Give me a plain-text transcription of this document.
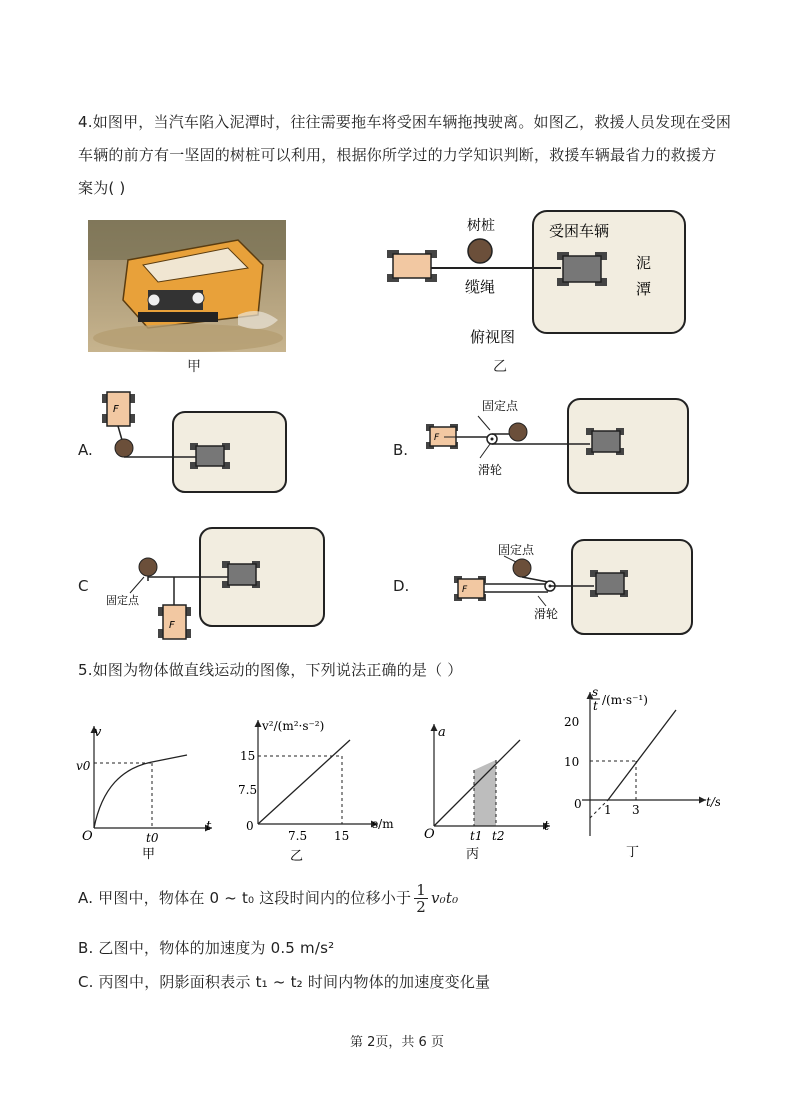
4.如图甲，当汽车陷入泥潭时，往往需要拖车将受困车辆拖拽驶离。如图乙，救援人员发现在受困
车辆的前方有一坚固的树桩可以利用，根据你所学过的力学知识判断，救援车辆最省力的救援方
案为( )
甲
树桩	受困车辆
缆绳
泥
潭
俯视图
乙
A.
F
B.
F
固定点
滑轮
C
固定点
F
D.	F
固定点
滑轮
5.如图为物体做直线运动的图像，下列说法正确的是（ ）
v
v0
t
O	t0
甲
v²/(m²·s⁻²)
15
7.5
0
7.5 15
s/m
乙
a
O	t1 t2
t
丙
s
t /(m·s⁻¹)
20
10
0 1 3
t/s
丁
A. 甲图中，物体在 0 ~ t₀ 这段时间内的位移小于 $\frac{1}{2} v_0t_0$
B. 乙图中，物体的加速度为 0.5 m/s²
C. 丙图中，阴影面积表示 t₁ ~ t₂ 时间内物体的加速度变化量
第 2页，共 6 页
